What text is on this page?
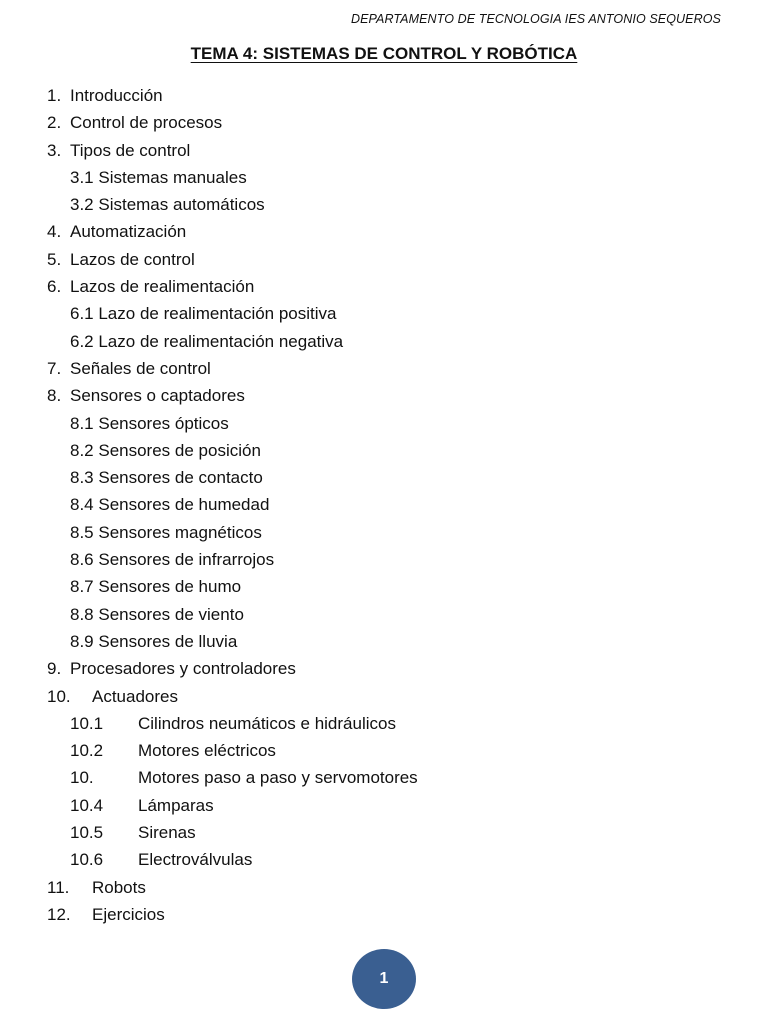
DEPARTAMENTO DE TECNOLOGIA IES ANTONIO SEQUEROS
TEMA 4: SISTEMAS DE CONTROL Y ROBÓTICA
1. Introducción
2. Control de procesos
3. Tipos de control
3.1 Sistemas manuales
3.2 Sistemas automáticos
4. Automatización
5. Lazos de control
6. Lazos de realimentación
6.1 Lazo de realimentación positiva
6.2 Lazo de realimentación negativa
7. Señales de control
8. Sensores o captadores
8.1 Sensores ópticos
8.2 Sensores de posición
8.3 Sensores de contacto
8.4 Sensores de humedad
8.5 Sensores magnéticos
8.6 Sensores de infrarrojos
8.7 Sensores de humo
8.8 Sensores de viento
8.9 Sensores de lluvia
9. Procesadores y controladores
10. Actuadores
10.1 Cilindros neumáticos e hidráulicos
10.2 Motores eléctricos
10.	Motores paso a paso y servomotores
10.4 Lámparas
10.5 Sirenas
10.6 Electroválvulas
11. Robots
12. Ejercicios
1
